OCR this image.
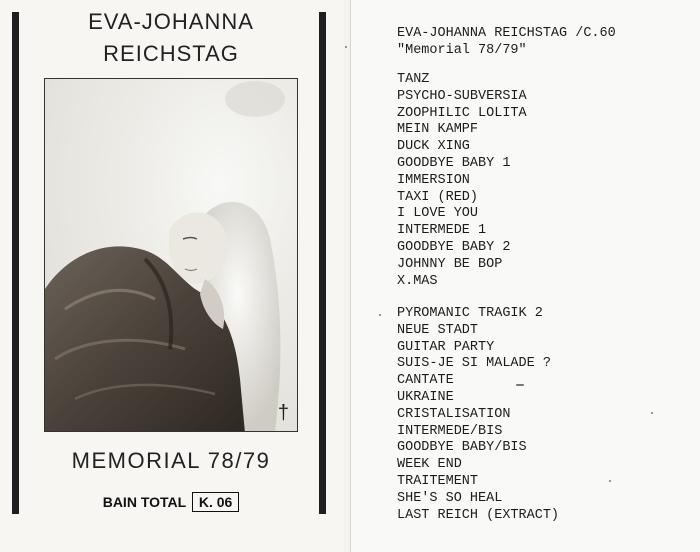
EVA-JOHANNA
REICHSTAG
†
MEMORIAL 78/79
BAIN TOTAL K. 06
EVA-JOHANNA REICHSTAG /C.60
"Memorial 78/79"
TANZ
PSYCHO-SUBVERSIA
ZOOPHILIC LOLITA
MEIN KAMPF
DUCK XING
GOODBYE BABY 1
IMMERSION
TAXI (RED)
I LOVE YOU
INTERMEDE 1
GOODBYE BABY 2
JOHNNY BE BOP
X.MAS
PYROMANIC TRAGIK 2
NEUE STADT
GUITAR PARTY
SUIS-JE SI MALADE ?
CANTATE
UKRAINE
CRISTALISATION
INTERMEDE/BIS
GOODBYE BABY/BIS
WEEK END
TRAITEMENT
SHE'S SO HEAL
LAST REICH (EXTRACT)
